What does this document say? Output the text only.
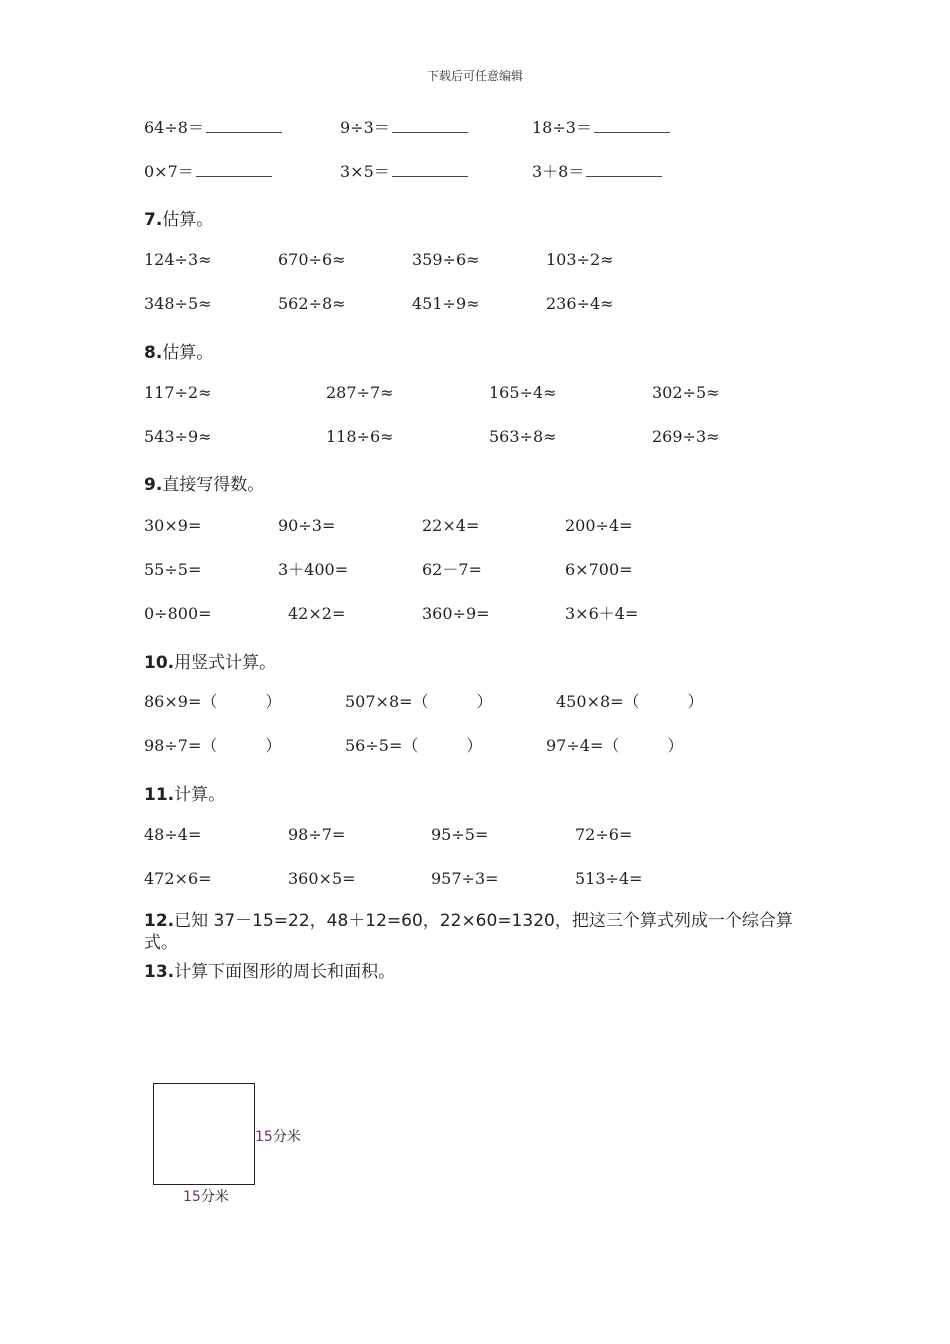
下载后可任意编辑
64÷8＝	9÷3＝	18÷3＝
0×7＝	3×5＝	3＋8＝
7.估算。
124÷3≈	670÷6≈	359÷6≈	103÷2≈
348÷5≈	562÷8≈	451÷9≈	236÷4≈
8.估算。
117÷2≈	287÷7≈	165÷4≈	302÷5≈
543÷9≈	118÷6≈	563÷8≈	269÷3≈
9.直接写得数。
30×9=	90÷3=	22×4=	200÷4=
55÷5=	3＋400=	62－7=	6×700=
0÷800=	42×2=	360÷9=	3×6＋4=
10.用竖式计算。
86×9=（　　　）	507×8=（　　　）	450×8=（　　　）
98÷7=（　　　）	56÷5=（　　　）	97÷4=（　　　）
11.计算。
48÷4=	98÷7=	95÷5=	72÷6=
472×6=	360×5=	957÷3=	513÷4=
12.已知 37－15=22，48＋12=60，22×60=1320，把这三个算式列成一个综合算式。
13.计算下面图形的周长和面积。
15分米
15分米
